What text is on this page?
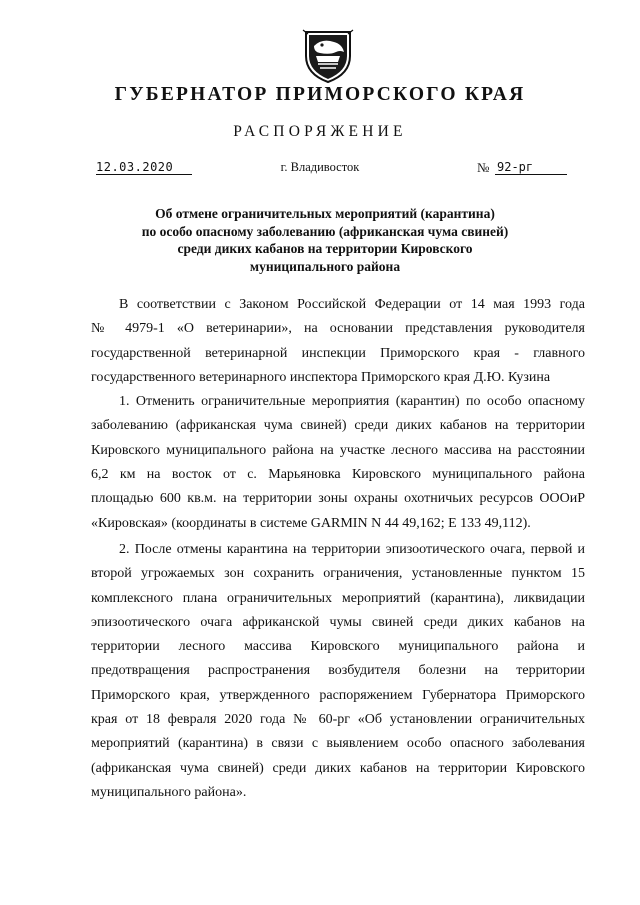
ГУБЕРНАТОР ПРИМОРСКОГО КРАЯ
РАСПОРЯЖЕНИЕ
12.03.2020	г. Владивосток	№ 92-рг
Об отмене ограничительных мероприятий (карантина)
по особо опасному заболеванию (африканская чума свиней)
среди диких кабанов на территории Кировского
муниципального района
В соответствии с Законом Российской Федерации от 14 мая 1993 года
№ 4979-1 «О ветеринарии», на основании представления руководителя
государственной ветеринарной инспекции Приморского края - главного
государственного ветеринарного инспектора Приморского края Д.Ю. Кузина
1. Отменить ограничительные мероприятия (карантин) по особо опасному
заболеванию (африканская чума свиней) среди диких кабанов на территории
Кировского муниципального района на участке лесного массива на расстоянии
6,2 км на восток от с. Марьяновка Кировского муниципального района
площадью 600 кв.м. на территории зоны охраны охотничьих ресурсов ОООиР
«Кировская» (координаты в системе GARMIN N 44 49,162; E 133 49,112).
2. После отмены карантина на территории эпизоотического очага, первой и
второй угрожаемых зон сохранить ограничения, установленные пунктом 15
комплексного плана ограничительных мероприятий (карантина), ликвидации
эпизоотического очага африканской чумы свиней среди диких кабанов на
территории лесного массива Кировского муниципального района и
предотвращения распространения возбудителя болезни на территории
Приморского края, утвержденного распоряжением Губернатора Приморского
края от 18 февраля 2020 года № 60-рг «Об установлении ограничительных
мероприятий (карантина) в связи с выявлением особо опасного заболевания
(африканская чума свиней) среди диких кабанов на территории Кировского
муниципального района».
